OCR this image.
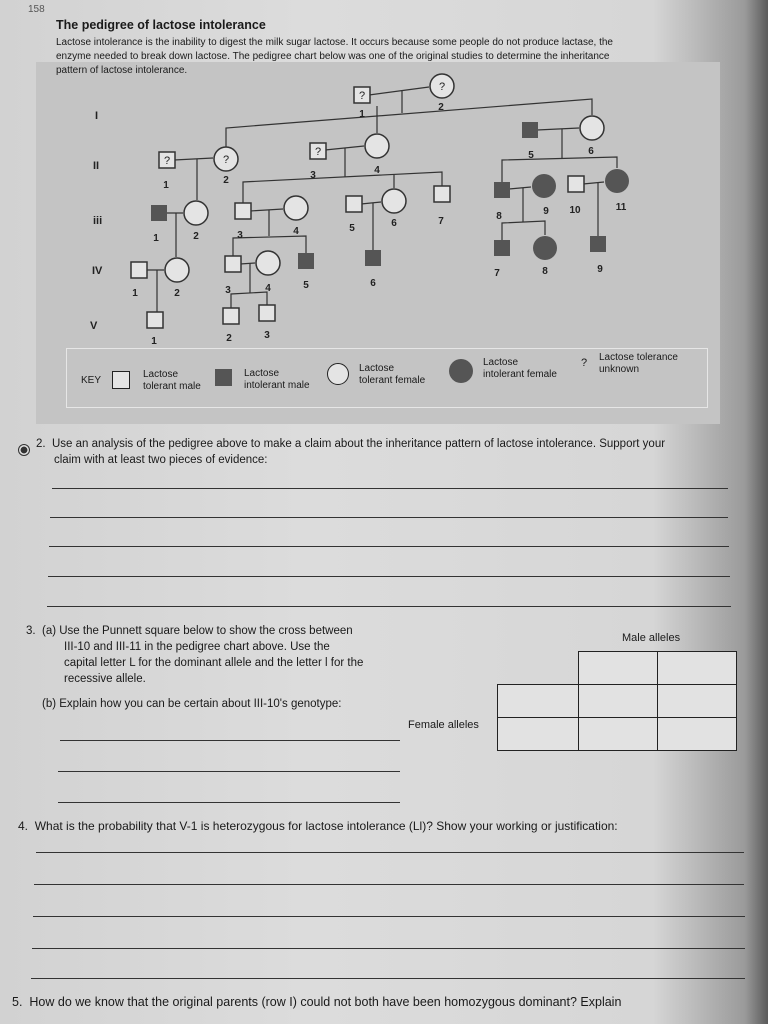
158
The pedigree of lactose intolerance
Lactose intolerance is the inability to digest the milk sugar lactose. It occurs because some people do not produce lactase, the
enzyme needed to break down lactose. The pedigree chart below was one of the original studies to determine the inheritance
pattern of lactose intolerance.
I
II
iii
IV
V
?
1
?
2
?
1
?
2
?
3	4
5	6
1	2	3	4	5	6	7	8	9 10	11
1	2	3	4	5	6
7	8	9
1	2	3
KEY
Lactose
tolerant male
Lactose
intolerant male
Lactose
tolerant female
Lactose
intolerant female
? Lactose tolerance
unknown
2. Use an analysis of the pedigree above to make a claim about the inheritance pattern of lactose intolerance. Support your
claim with at least two pieces of evidence:
3. (a) Use the Punnett square below to show the cross between
III-10 and III-11 in the pedigree chart above. Use the
capital letter L for the dominant allele and the letter l for the
recessive allele.
(b) Explain how you can be certain about III-10's genotype:
Male alleles
Female alleles
4. What is the probability that V-1 is heterozygous for lactose intolerance (Ll)? Show your working or justification:
5. How do we know that the original parents (row I) could not both have been homozygous dominant? Explain
